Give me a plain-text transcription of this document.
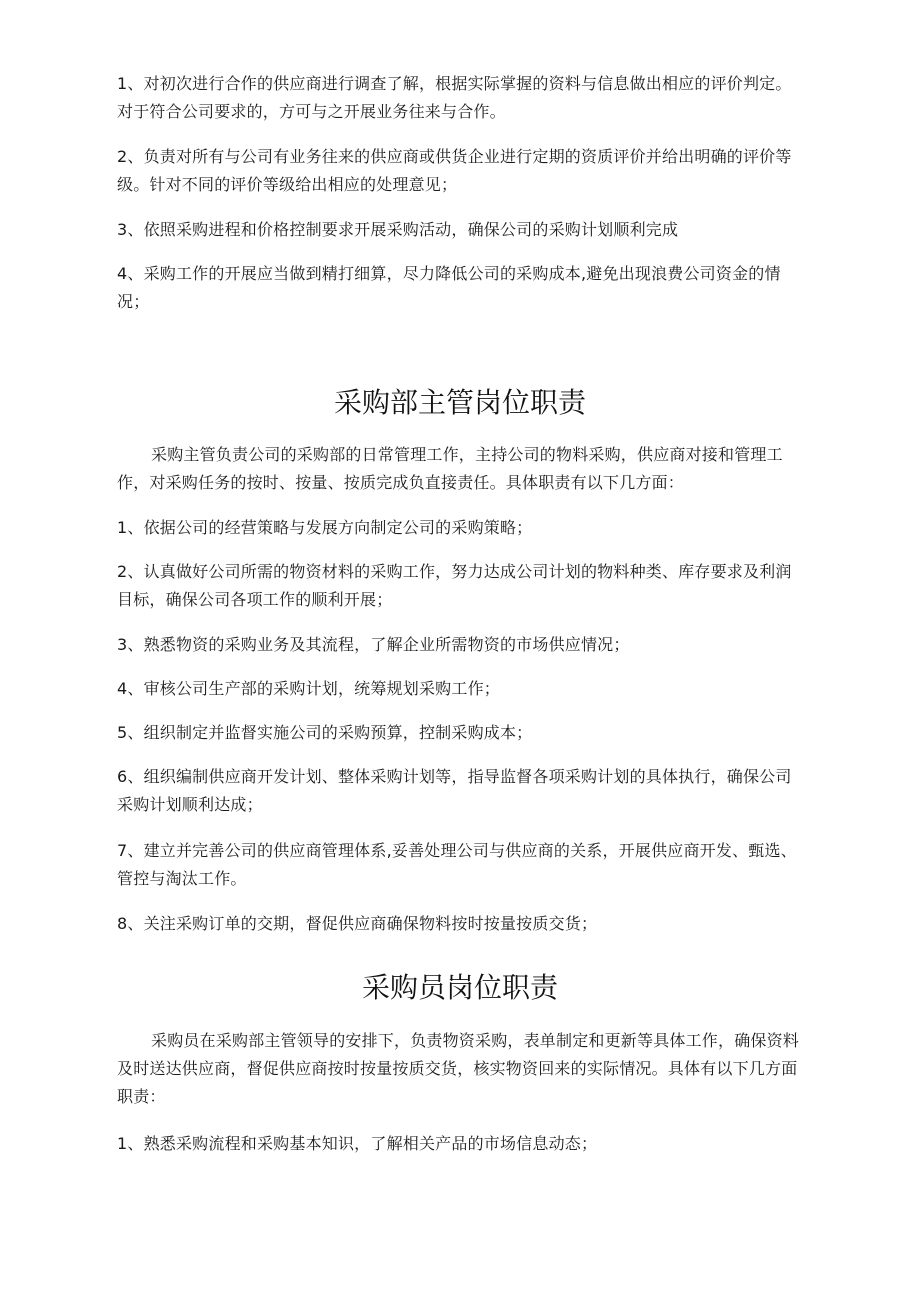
1、对初次进行合作的供应商进行调查了解，根据实际掌握的资料与信息做出相应的评价判定。对于符合公司要求的，方可与之开展业务往来与合作。

2、负责对所有与公司有业务往来的供应商或供货企业进行定期的资质评价并给出明确的评价等级。针对不同的评价等级给出相应的处理意见；

3、依照采购进程和价格控制要求开展采购活动，确保公司的采购计划顺利完成

4、采购工作的开展应当做到精打细算，尽力降低公司的采购成本,避免出现浪费公司资金的情况；

采购部主管岗位职责

采购主管负责公司的采购部的日常管理工作，主持公司的物料采购，供应商对接和管理工作，对采购任务的按时、按量、按质完成负直接责任。具体职责有以下几方面：

1、依据公司的经营策略与发展方向制定公司的采购策略；

2、认真做好公司所需的物资材料的采购工作，努力达成公司计划的物料种类、库存要求及利润目标，确保公司各项工作的顺利开展；

3、熟悉物资的采购业务及其流程，了解企业所需物资的市场供应情况；

4、审核公司生产部的采购计划，统筹规划采购工作；

5、组织制定并监督实施公司的采购预算，控制采购成本；

6、组织编制供应商开发计划、整体采购计划等，指导监督各项采购计划的具体执行，确保公司采购计划顺利达成；

7、建立并完善公司的供应商管理体系,妥善处理公司与供应商的关系，开展供应商开发、甄选、管控与淘汰工作。

8、关注采购订单的交期，督促供应商确保物料按时按量按质交货；

采购员岗位职责

采购员在采购部主管领导的安排下，负责物资采购，表单制定和更新等具体工作，确保资料及时送达供应商，督促供应商按时按量按质交货，核实物资回来的实际情况。具体有以下几方面职责：

1、熟悉采购流程和采购基本知识，了解相关产品的市场信息动态；
